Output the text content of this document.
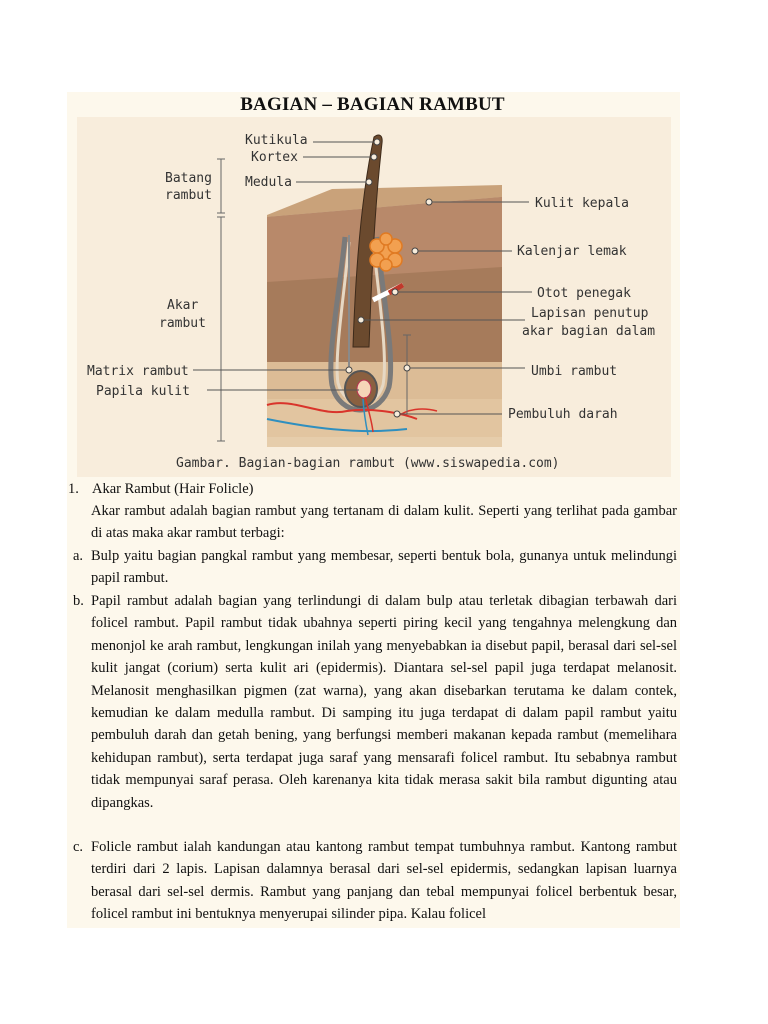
BAGIAN – BAGIAN RAMBUT
Kutikula
Kortex
Medula
Batang
rambut
Akar
rambut
Matrix rambut
Papila kulit
Kulit kepala
Kalenjar lemak
Otot penegak
Lapisan penutup
akar bagian dalam
Umbi rambut
Pembuluh darah
Gambar. Bagian-bagian rambut (www.siswapedia.com)
1. Akar Rambut (Hair Folicle)
Akar rambut adalah bagian rambut yang tertanam di dalam kulit. Seperti yang terlihat pada gambar di atas maka akar rambut terbagi:
a. Bulp yaitu bagian pangkal rambut yang membesar, seperti bentuk bola, gunanya untuk melindungi papil rambut.
b. Papil rambut adalah bagian yang terlindungi di dalam bulp atau terletak dibagian terbawah dari folicel rambut. Papil rambut tidak ubahnya seperti piring kecil yang tengahnya melengkung dan menonjol ke arah rambut, lengkungan inilah yang menyebabkan ia disebut papil, berasal dari sel-sel kulit jangat (corium) serta kulit ari (epidermis). Diantara sel-sel papil juga terdapat melanosit. Melanosit menghasilkan pigmen (zat warna), yang akan disebarkan terutama ke dalam contek, kemudian ke dalam medulla rambut. Di samping itu juga terdapat di dalam papil rambut yaitu pembuluh darah dan getah bening, yang berfungsi memberi makanan kepada rambut (memelihara kehidupan rambut), serta terdapat juga saraf yang mensarafi folicel rambut. Itu sebabnya rambut tidak mempunyai saraf perasa. Oleh karenanya kita tidak merasa sakit bila rambut digunting atau dipangkas.
c. Folicle rambut ialah kandungan atau kantong rambut tempat tumbuhnya rambut. Kantong rambut terdiri dari 2 lapis. Lapisan dalamnya berasal dari sel-sel epidermis, sedangkan lapisan luarnya berasal dari sel-sel dermis. Rambut yang panjang dan tebal mempunyai folicel berbentuk besar, folicel rambut ini bentuknya menyerupai silinder pipa. Kalau folicel
